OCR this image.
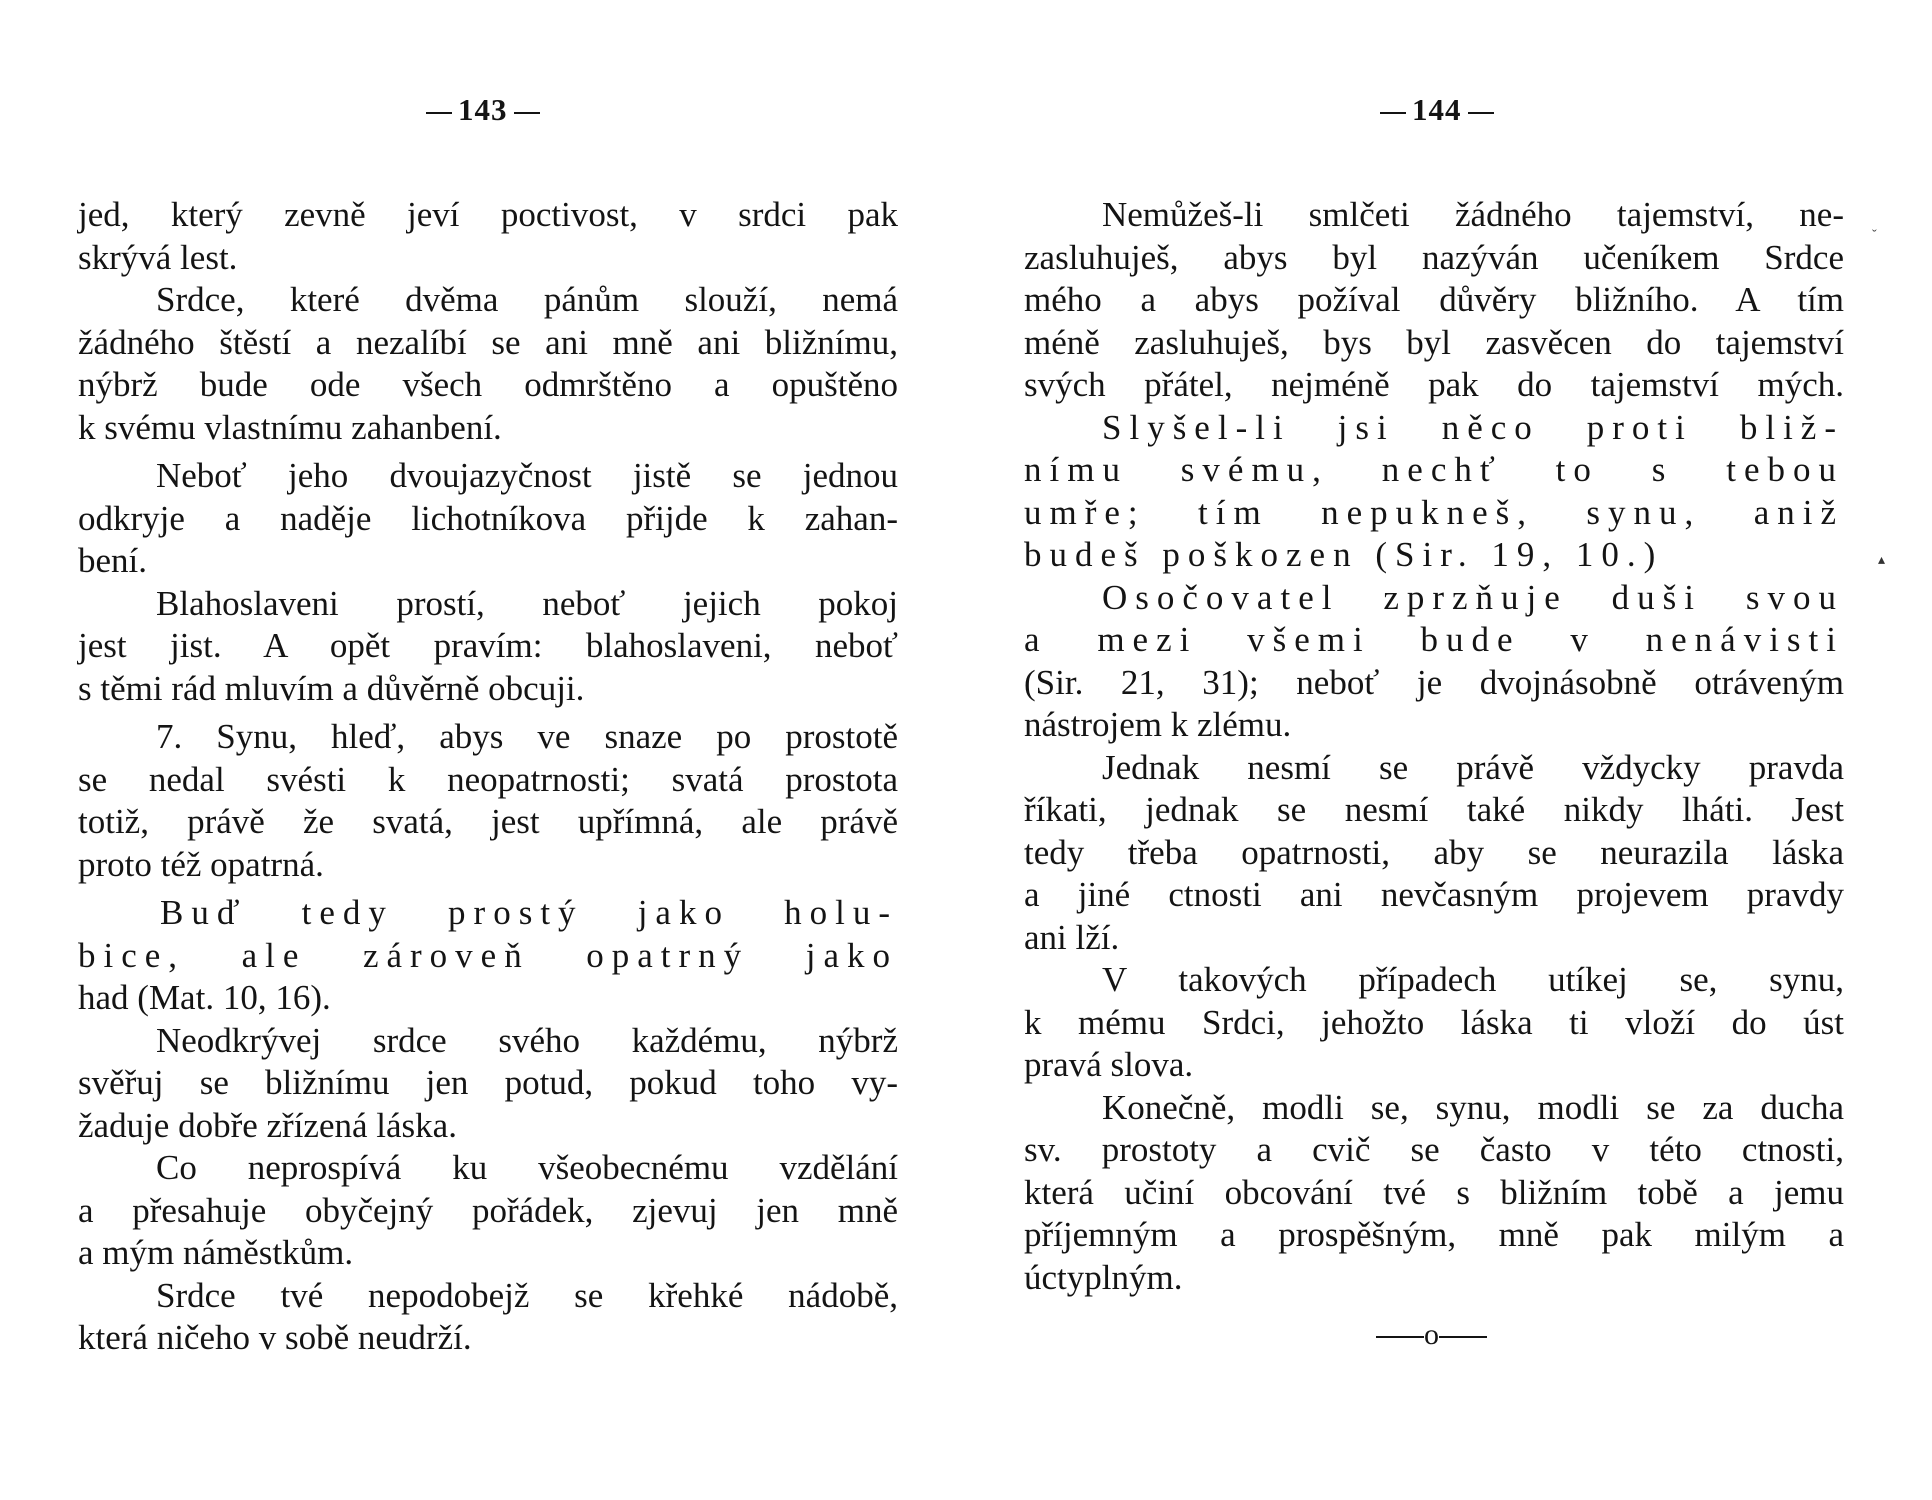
143
jed, který zevně jeví poctivost, v srdci pak
skrývá lest.
Srdce, které dvěma pánům slouží, nemá
žádného štěstí a nezalíbí se ani mně ani bližnímu,
nýbrž bude ode všech odmrštěno a opuštěno
k svému vlastnímu zahanbení.
Neboť jeho dvoujazyčnost jistě se jednou
odkryje a naděje lichotníkova přijde k zahan-
bení.
Blahoslaveni prostí, neboť jejich pokoj
jest jist. A opět pravím: blahoslaveni, neboť
s těmi rád mluvím a důvěrně obcuji.
7. Synu, hleď, abys ve snaze po prostotě
se nedal svésti k neopatrnosti; svatá prostota
totiž, právě že svatá, jest upřímná, ale právě
proto též opatrná.
Buď tedy prostý jako holu-
bice, ale zároveň opatrný jako
had (Mat. 10, 16).
Neodkrývej srdce svého každému, nýbrž
svěřuj se bližnímu jen potud, pokud toho vy-
žaduje dobře zřízená láska.
Co neprospívá ku všeobecnému vzdělání
a přesahuje obyčejný pořádek, zjevuj jen mně
a mým náměstkům.
Srdce tvé nepodobejž se křehké nádobě,
která ničeho v sobě neudrží.
144
Nemůžeš-li smlčeti žádného tajemství, ne-
zasluhuješ, abys byl nazýván učeníkem Srdce
mého a abys požíval důvěry bližního. A tím
méně zasluhuješ, bys byl zasvěcen do tajemství
svých přátel, nejméně pak do tajemství mých.
Slyšel-li jsi něco proti bliž-
nímu svému, nechť to s tebou
umře; tím nepukneš, synu, aniž
budeš poškozen (Sir. 19, 10.)
Osočovatel zprzňuje duši svou
a mezi všemi bude v nenávisti
(Sir. 21, 31); neboť je dvojnásobně otráveným
nástrojem k zlému.
Jednak nesmí se právě vždycky pravda
říkati, jednak se nesmí také nikdy lháti. Jest
tedy třeba opatrnosti, aby se neurazila láska
a jiné ctnosti ani nevčasným projevem pravdy
ani lží.
V takových případech utíkej se, synu,
k mému Srdci, jehožto láska ti vloží do úst
pravá slova.
Konečně, modli se, synu, modli se za ducha
sv. prostoty a cvič se často v této ctnosti,
která učiní obcování tvé s bližním tobě a jemu
příjemným a prospěšným, mně pak milým a
úctyplným.
o
ˇ
▴
